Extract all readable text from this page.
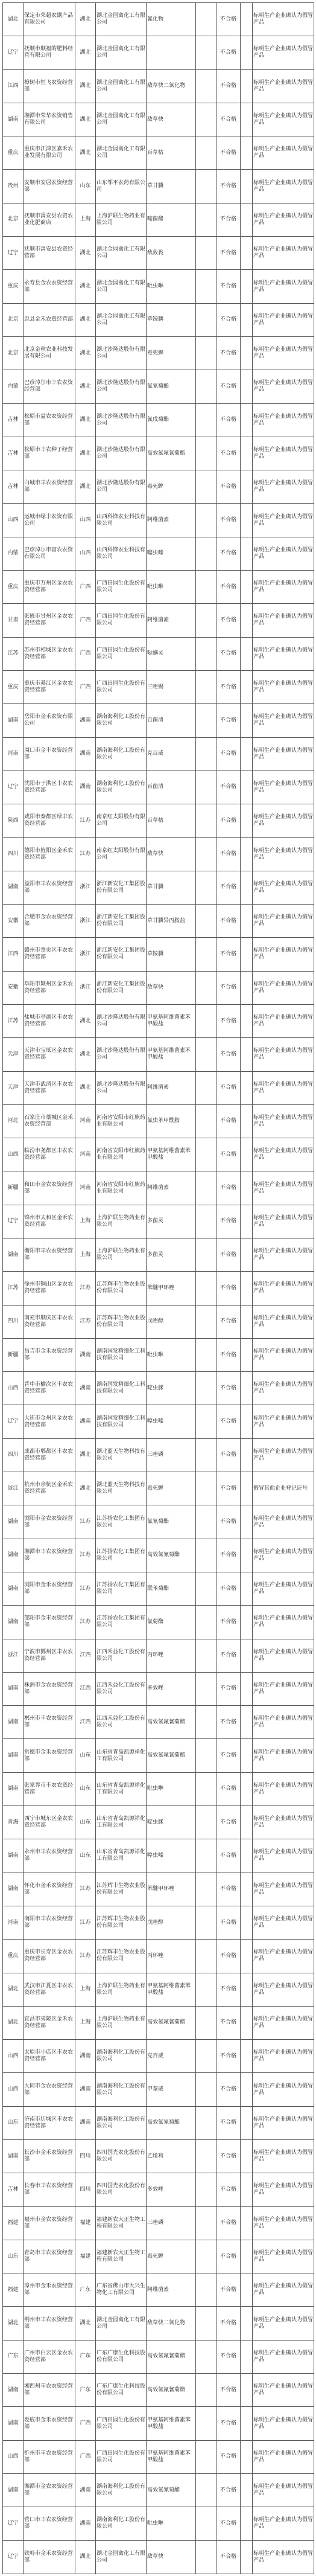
湖北	保定市荣超农副产品有限公司	湖北	湖北金园禽化工有限公司	氰化物		不合格		标明生产企业确认为假冒产品
辽宁	抚顺市顺福的肥料经营有限公司	湖北	湖北金园禽化工有限公司			不合格		标明生产企业确认为假冒产品
江西	樟树市恒飞农资经营部	湖北	湖北金园禽化工有限公司	敌草快二氯化物		不合格		标明生产企业确认为假冒产品
湖南	湘潭市荣华农资销售有限公司	湖北	湖北金园禽化工有限公司	敌草快		不合格		标明生产企业确认为假冒产品
重庆	重庆市江津区嘉禾农业发展有限公司	湖北	湖北金园禽化工有限公司	百草枯		不合格		标明生产企业确认为假冒产品
贵州	安顺市安居农资经营部	山东	山东邹平农药有限公司	草甘膦		不合格		标明生产企业确认为假冒产品
北京	抚顺市禹安县农资农业化肥商店	上海	上海沪联生物药业有限公司	嘧菌酯		不合格		标明生产企业确认为假冒产品
辽宁	抚顺市禹安县农资经营部	湖北	湖北金园禽化工有限公司	敌敌畏		不合格		标明生产企业确认为假冒产品
重庆	永寿县金农农资经营部	湖北	湖北金园禽化工有限公司	吡虫啉		不合格		标明生产企业确认为假冒产品
北京	忠县金禾农资经营部	湖北	湖北金园禽化工有限公司	草铵膦		不合格		标明生产企业确认为假冒产品
北京	北京金秋农业科技发展有限公司	湖北	湖北沙隆达股份有限公司	毒死蜱		不合格		标明生产企业确认为假冒产品
内蒙	巴彦淖尔市丰农农资经营部	湖北	湖北沙隆达股份有限公司	氯氰菊酯		不合格		标明生产企业确认为假冒产品
吉林	松原市益农农资经营部	湖北	湖北沙隆达股份有限公司	氰戊菊酯		不合格		标明生产企业确认为假冒产品
吉林	松原市丰农种子经营部	湖北	湖北沙隆达股份有限公司	高效氯氟氰菊酯		不合格		标明生产企业确认为假冒产品
吉林	白城市丰农农资经营部	湖北	湖北沙隆达股份有限公司	毒死蜱		不合格		标明生产企业确认为假冒产品
山西	运城市绿丰农资有限公司	山西	山西科锋农业科技有限公司	阿维菌素		不合格		标明生产企业确认为假冒产品
内蒙	巴彦淖尔市富农农资有限公司	山西	山西科锋农业科技有限公司	噻虫嗪		不合格		标明生产企业确认为假冒产品
重庆	重庆市万州区金农农资经营部	广西	广西田园生化股份有限公司	吡虫啉		不合格		标明生产企业确认为假冒产品
甘肃	张掖市甘州区金农农资经营部	广西	广西田园生化股份有限公司	阿维菌素		不合格		标明生产企业确认为假冒产品
江苏	苏州市相城区金农农资经营部	广西	广西田园生化股份有限公司	哒螨灵		不合格		标明生产企业确认为假冒产品
重庆	重庆市綦江区金农农资经营部	广西	广西田园生化股份有限公司	三唑锡		不合格		标明生产企业确认为假冒产品
湖南	岳阳市金禾农资有限公司	湖南	湖南海利化工股份有限公司	百菌清		不合格		标明生产企业确认为假冒产品
河南	周口市金丰农资经营部	湖南	湖南海利化工股份有限公司	克百威		不合格		标明生产企业确认为假冒产品
辽宁	沈阳市于洪区丰农农资经营部	湖南	湖南海利化工股份有限公司	百菌清		不合格		标明生产企业确认为假冒产品
陕西	咸阳市秦都区绿丰农资经营部	江苏	南京红太阳股份有限公司	百草枯		不合格		标明生产企业确认为假冒产品
四川	德阳市旌阳区金禾农资经营部	江苏	南京红太阳股份有限公司	敌草快		不合格		标明生产企业确认为假冒产品
湖南	益阳市丰农农资经营部	浙江	浙江新安化工集团股份有限公司	草甘膦		不合格		标明生产企业确认为假冒产品
安徽	合肥市金农农资经营部	浙江	浙江新安化工集团股份有限公司	草甘膦异丙胺盐		不合格		标明生产企业确认为假冒产品
江西	赣州市章贡区丰农农资经营部	浙江	浙江新安化工集团股份有限公司	草铵膦		不合格		标明生产企业确认为假冒产品
安徽	阜阳市颍州区金禾农资经营部	浙江	浙江新安化工集团股份有限公司	敌草快		不合格		标明生产企业确认为假冒产品
江苏	盐城市亭湖区丰农农资经营部	湖北	湖北沙隆达股份有限公司	甲氨基阿维菌素苯甲酸盐		不合格		标明生产企业确认为假冒产品
天津	天津市宝坻区金农农资经营部	湖北	湖北沙隆达股份有限公司	甲氨基阿维菌素苯甲酸盐		不合格		标明生产企业确认为假冒产品
天津	天津市武清区丰农农资经营部	湖北	湖北沙隆达股份有限公司	阿维菌素		不合格		标明生产企业确认为假冒产品
河北	石家庄市藁城区金禾农资经营部	河南	河南省安阳市红旗药业有限公司	氯虫苯甲酰胺		不合格		标明生产企业确认为假冒产品
山西	临汾市尧都区丰农农资经营部	河南	河南省安阳市红旗药业有限公司	甲氨基阿维菌素苯甲酸盐		不合格		标明生产企业确认为假冒产品
新疆	和田市金农农资经营部	河南	河南省安阳市红旗药业有限公司	阿维菌素		不合格		标明生产企业确认为假冒产品
辽宁	锦州市太和区金禾农资经营部	上海	上海沪联生物药业有限公司	多菌灵		不合格		标明生产企业确认为假冒产品
湖南	衡阳市丰农农资经营部	上海	上海沪联生物药业有限公司	多菌灵		不合格		标明生产企业确认为假冒产品
江苏	徐州市铜山区金农农资经营部	江苏	江苏辉丰生物农业股份有限公司	苯醚甲环唑		不合格		标明生产企业确认为假冒产品
四川	南充市顺庆区丰农农资经营部	江苏	江苏辉丰生物农业股份有限公司	戊唑醇		不合格		标明生产企业确认为假冒产品
新疆	昌吉市金禾农资经营部	湖南	湖南国发精细化工科技有限公司	吡虫啉		不合格		标明生产企业确认为假冒产品
山西	晋中市榆次区丰农农资经营部	湖南	湖南国发精细化工科技有限公司	啶虫脒		不合格		标明生产企业确认为假冒产品
辽宁	大连市金州区金农农资经营部	湖南	湖南国发精细化工科技有限公司	噻虫嗪		不合格		标明生产企业确认为假冒产品
四川	成都市郫都区丰农农资经营部	湖北	湖北蓝天生物科技有限公司	三唑磷		不合格		标明生产企业确认为假冒产品
浙江	杭州市余杭区金禾农资经营部	湖北	湖北蓝天生物科技有限公司	毒死蜱		不合格		假冒其他企业登记证号
湖南	浏阳市金农农资经营部	江苏	江苏扬农化工集团有限公司	氯氰菊酯		不合格		标明生产企业确认为假冒产品
湖南	湘潭市丰农农资经营部	江苏	江苏扬农化工集团有限公司	高效氯氰菊酯		不合格		标明生产企业确认为假冒产品
湖南	浏阳市金禾农资经营部	江苏	江苏扬农化工集团有限公司	联苯菊酯		不合格		标明生产企业确认为假冒产品
湖南	邵阳市金丰农资经营部	江苏	江苏扬农化工集团有限公司	氯菊酯		不合格		标明生产企业确认为假冒产品
浙江	宁波市鄞州区丰农农资经营部	江西	江西禾益化工股份有限公司	丙环唑		不合格		标明生产企业确认为假冒产品
湖南	株洲市金农农资经营部	江西	江西禾益化工股份有限公司	多效唑		不合格		标明生产企业确认为假冒产品
湖南	郴州市丰农农资经营部	江西	江西禾益化工股份有限公司	高效氯氟氰菊酯		不合格		标明生产企业确认为假冒产品
湖南	常德市金禾农资经营部	山东	山东省青岛凯源祥化工有限公司	高效氯氟氰菊酯		不合格		标明生产企业确认为假冒产品
湖南	张家界市丰农农资经营部	山东	山东省青岛凯源祥化工有限公司	吡虫啉		不合格		标明生产企业确认为假冒产品
青海	西宁市城东区金农农资经营部	山东	山东省青岛凯源祥化工有限公司	啶虫脒		不合格		标明生产企业确认为假冒产品
湖南	永州市丰农农资经营部	山东	山东省青岛凯源祥化工有限公司	噻虫嗪		不合格		标明生产企业确认为假冒产品
湖南	怀化市金禾农资经营部	江苏	江苏辉丰生物农业股份有限公司	苯醚甲环唑		不合格		标明生产企业确认为假冒产品
河南	南阳市丰农农资经营部	江苏	江苏辉丰生物农业股份有限公司	戊唑醇		不合格		标明生产企业确认为假冒产品
重庆	重庆市长寿区金农农资经营部	江苏	江苏辉丰生物农业股份有限公司	丙环唑		不合格		标明生产企业确认为假冒产品
湖北	武汉市江夏区丰农农资经营部	上海	上海沪联生物药业有限公司	甲氨基阿维菌素苯甲酸盐		不合格		标明生产企业确认为假冒产品
湖北	宜昌市夷陵区金禾农资经营部	上海	上海沪联生物药业有限公司	高效氯氟氰菊酯		不合格		标明生产企业确认为假冒产品
山西	太原市小店区丰农农资经营部	湖南	湖南海利化工股份有限公司	克百威		不合格		标明生产企业确认为假冒产品
山西	大同市金农农资经营部	湖南	湖南海利化工股份有限公司	甲萘威		不合格		标明生产企业确认为假冒产品
山东	济南市历城区丰农农资经营部	湖南	湖南海利化工股份有限公司	高效氯氰菊酯		不合格		标明生产企业确认为假冒产品
湖南	长沙市金禾农资经营部	四川	四川国光农化股份有限公司	乙烯利		不合格		标明生产企业确认为假冒产品
吉林	长春市丰农农资经营部	四川	四川国光农化股份有限公司	多效唑		不合格		标明生产企业确认为假冒产品
福建	福州市金农农资经营部	福建	福建新农大正生物工程有限公司	三唑磷		不合格		标明生产企业确认为假冒产品
山东	青岛市丰农农资经营部	福建	福建新农大正生物工程有限公司	毒死蜱		不合格		标明生产企业确认为假冒产品
福建	漳州市金禾农资经营部	广东	广东省佛山市大兴生物化工有限公司	阿维菌素		不合格		标明生产企业确认为假冒产品
湖北	荆州市丰农农资经营部	湖北	湖北金园禽化工有限公司	敌草快二氯化物		不合格		标明生产企业确认为假冒产品
广东	广州市白云区金农农资经营部	广东	广东广康生化科技股份有限公司	高效氯氟氰菊酯		不合格		标明生产企业确认为假冒产品
湖南	湘西州丰农农资经营部	广东	广东广康生化科技股份有限公司	高效氯氟氰菊酯		不合格		标明生产企业确认为假冒产品
湖南	娄底市金禾农资经营部	广西	广西田园生化股份有限公司	甲氨基阿维菌素苯甲酸盐		不合格		标明生产企业确认为假冒产品
山西	忻州市丰农农资经营部	广西	广西田园生化股份有限公司	甲氨基阿维菌素苯甲酸盐		不合格		标明生产企业确认为假冒产品
湖南	湘潭市金农农资经营部	湖南	湖南海利化工股份有限公司	高效氯氰菊酯		不合格		标明生产企业确认为假冒产品
辽宁	营口市丰农农资经营部	湖南	湖南海利化工股份有限公司	吡虫啉		不合格		标明生产企业确认为假冒产品
辽宁	铁岭市金禾农资经营部	湖北	湖北金园禽化工有限公司	敌草快		不合格		标明生产企业确认为假冒产品
